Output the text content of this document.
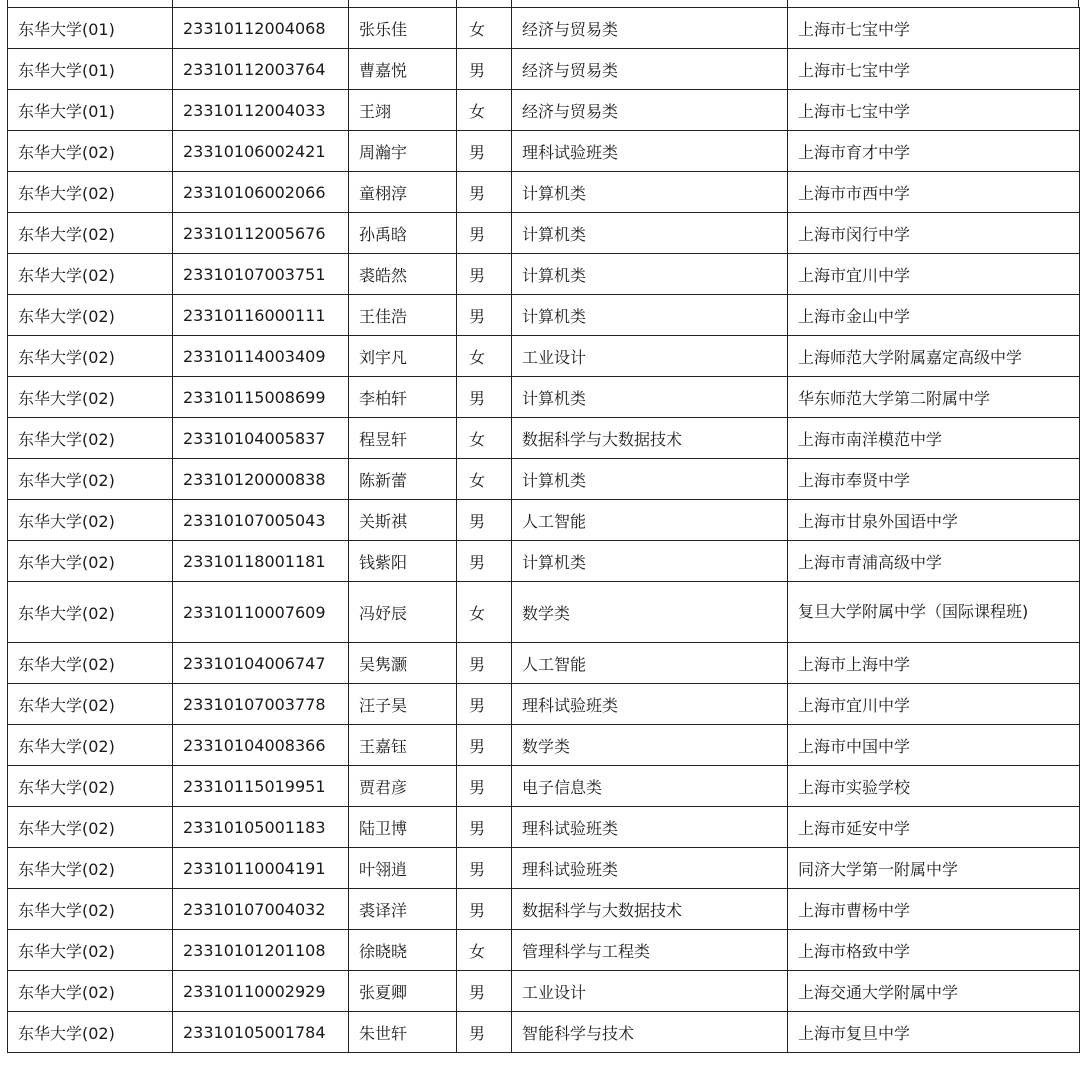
东华大学(01)	23310112004068	张乐佳	女	经济与贸易类	上海市七宝中学
东华大学(01)	23310112003764	曹嘉悦	男	经济与贸易类	上海市七宝中学
东华大学(01)	23310112004033	王翊	女	经济与贸易类	上海市七宝中学
东华大学(02)	23310106002421	周瀚宇	男	理科试验班类	上海市育才中学
东华大学(02)	23310106002066	童栩淳	男	计算机类	上海市市西中学
东华大学(02)	23310112005676	孙禹晗	男	计算机类	上海市闵行中学
东华大学(02)	23310107003751	裘皓然	男	计算机类	上海市宜川中学
东华大学(02)	23310116000111	王佳浩	男	计算机类	上海市金山中学
东华大学(02)	23310114003409	刘宇凡	女	工业设计	上海师范大学附属嘉定高级中学
东华大学(02)	23310115008699	李柏轩	男	计算机类	华东师范大学第二附属中学
东华大学(02)	23310104005837	程昱轩	女	数据科学与大数据技术	上海市南洋模范中学
东华大学(02)	23310120000838	陈新蕾	女	计算机类	上海市奉贤中学
东华大学(02)	23310107005043	关斯祺	男	人工智能	上海市甘泉外国语中学
东华大学(02)	23310118001181	钱紫阳	男	计算机类	上海市青浦高级中学
东华大学(02)	23310110007609	冯妤辰	女	数学类	复旦大学附属中学（国际课程班)
东华大学(02)	23310104006747	吴隽灏	男	人工智能	上海市上海中学
东华大学(02)	23310107003778	汪子昊	男	理科试验班类	上海市宜川中学
东华大学(02)	23310104008366	王嘉钰	男	数学类	上海市中国中学
东华大学(02)	23310115019951	贾君彦	男	电子信息类	上海市实验学校
东华大学(02)	23310105001183	陆卫博	男	理科试验班类	上海市延安中学
东华大学(02)	23310110004191	叶翎逍	男	理科试验班类	同济大学第一附属中学
东华大学(02)	23310107004032	裘译洋	男	数据科学与大数据技术	上海市曹杨中学
东华大学(02)	23310101201108	徐晓晓	女	管理科学与工程类	上海市格致中学
东华大学(02)	23310110002929	张夏卿	男	工业设计	上海交通大学附属中学
东华大学(02)	23310105001784	朱世轩	男	智能科学与技术	上海市复旦中学
